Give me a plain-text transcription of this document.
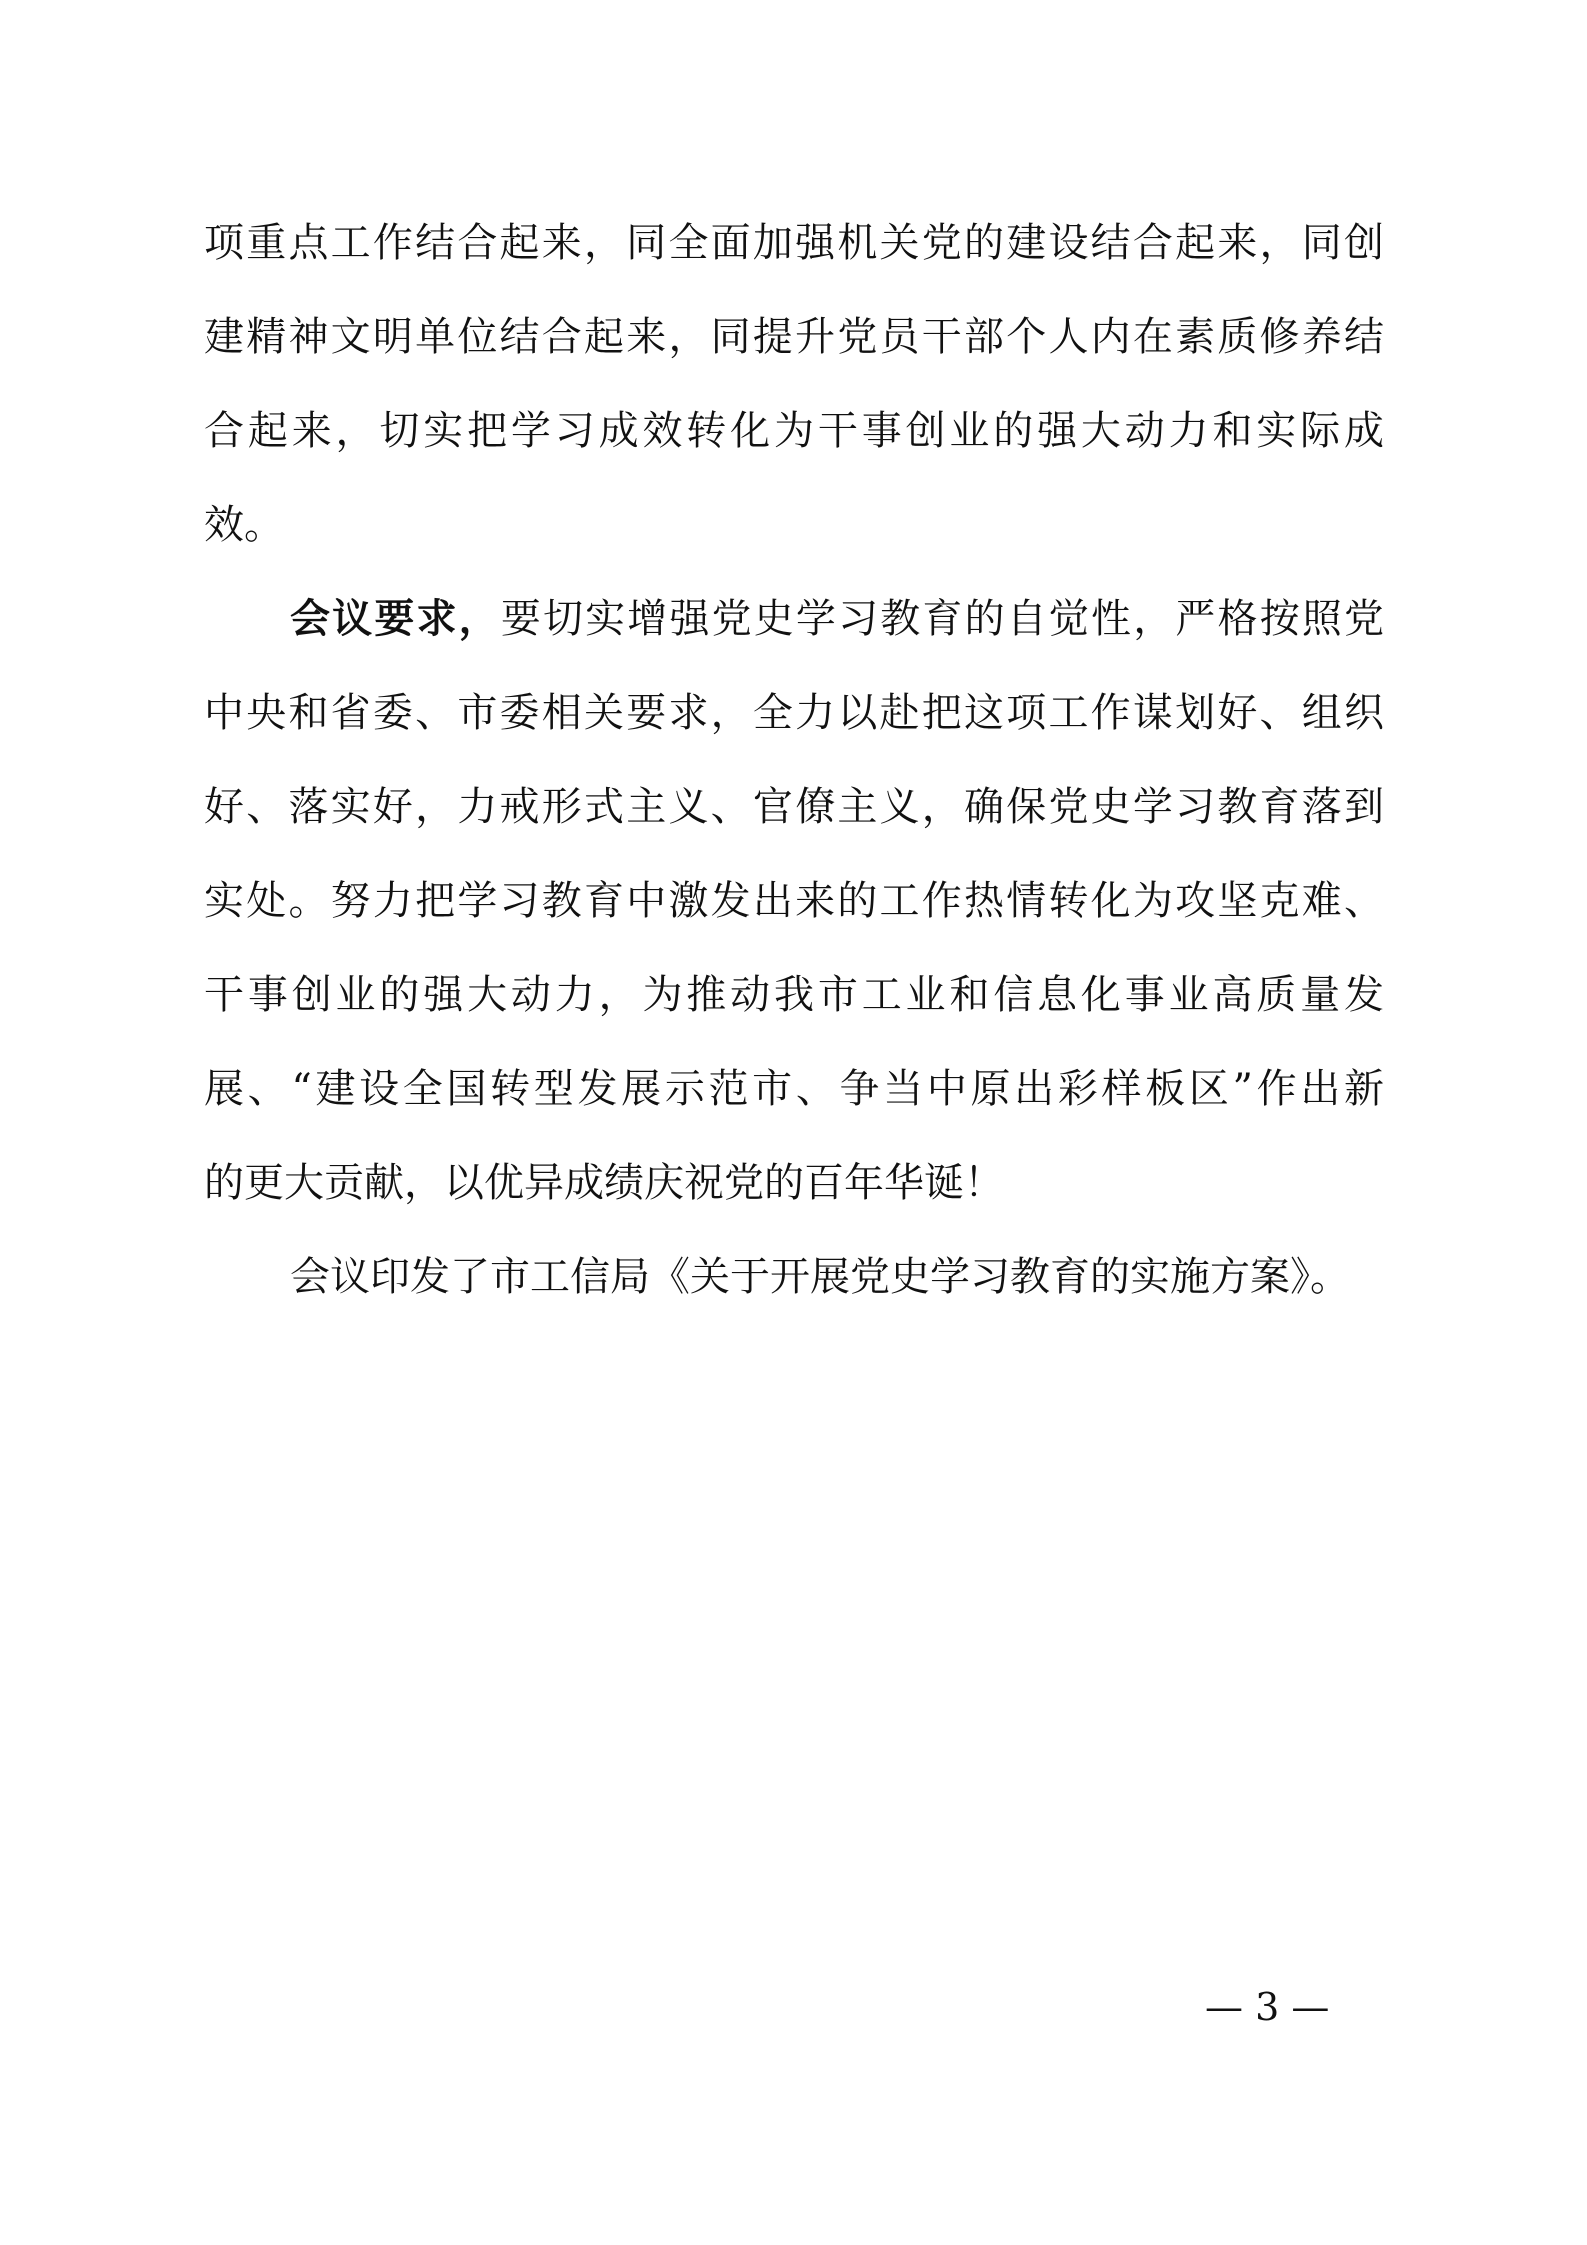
项重点工作结合起来，同全面加强机关党的建设结合起来，同创
建精神文明单位结合起来，同提升党员干部个人内在素质修养结
合起来，切实把学习成效转化为干事创业的强大动力和实际成
效。
会议要求，要切实增强党史学习教育的自觉性，严格按照党
中央和省委、市委相关要求，全力以赴把这项工作谋划好、组织
好、落实好，力戒形式主义、官僚主义，确保党史学习教育落到
实处。努力把学习教育中激发出来的工作热情转化为攻坚克难、
干事创业的强大动力，为推动我市工业和信息化事业高质量发
展、“建设全国转型发展示范市、争当中原出彩样板区”作出新
的更大贡献，以优异成绩庆祝党的百年华诞！
会议印发了市工信局《关于开展党史学习教育的实施方案》。
— 3 —
